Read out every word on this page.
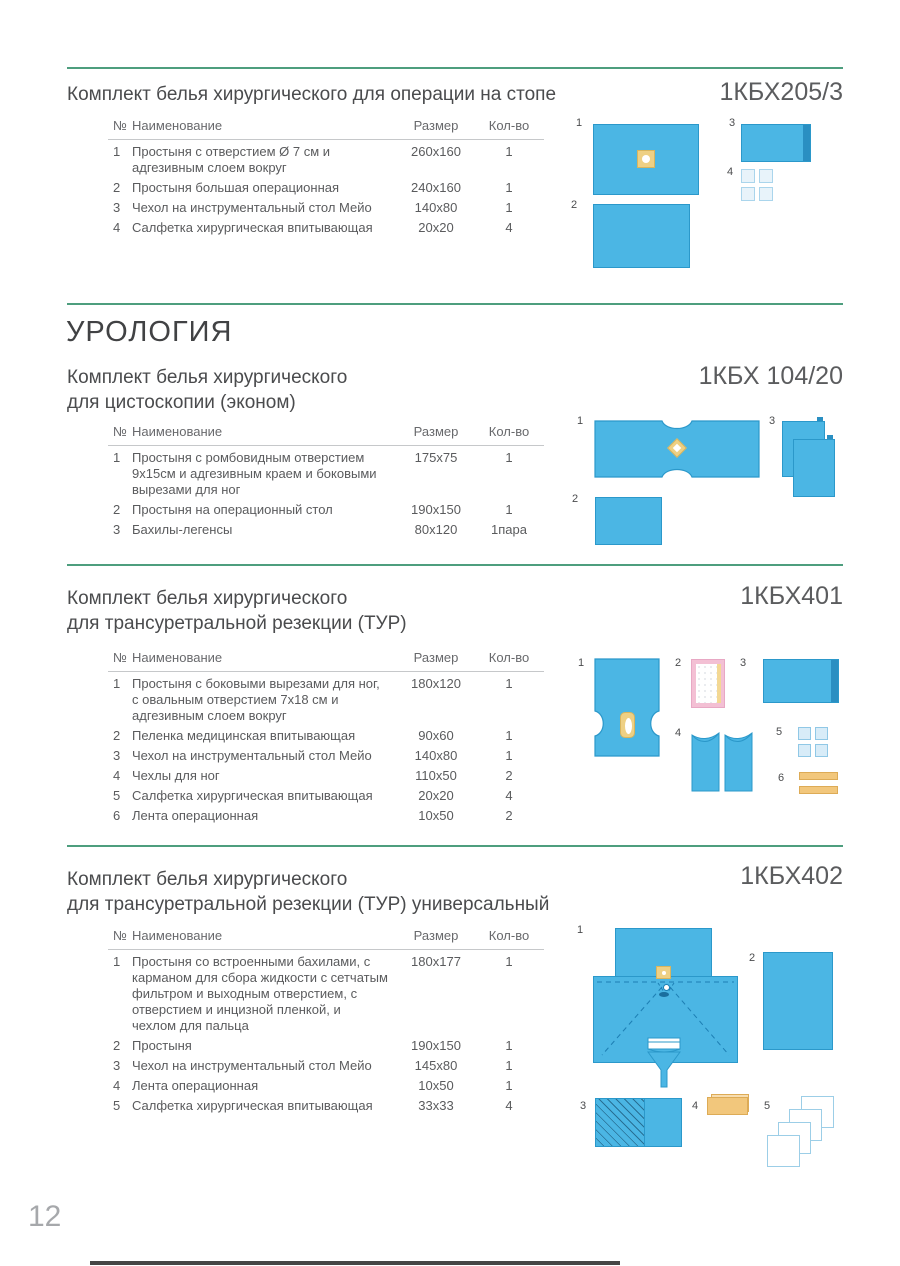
Комплект белья хирургического для операции на стопе	1КБХ205/3
№ Наименование	Размер	Кол-во
1 Простыня с отверстием Ø 7 см и адгезивным слоем вокруг
260x160	1
2 Простыня большая операционная	240x160	1
3 Чехол на инструментальный стол Мейо	140x80	1
4 Салфетка хирургическая впитывающая	20x20	4
1	3
4
2
УРОЛОГИЯ
Комплект белья хирургического
для цистоскопии (эконом)
1КБХ 104/20
№ Наименование	Размер	Кол-во
1 Простыня с ромбовидным отверстием 9x15см и адгезивным краем и боковыми вырезами для ног
175x75	1
2 Простыня на операционный стол	190x150	1
3 Бахилы-легенсы	80x120	1пара
1	3
2
Комплект белья хирургического
для трансуретральной резекции (ТУР)
1КБХ401
№ Наименование	Размер	Кол-во
1 Простыня с боковыми вырезами для ног, с овальным отверстием 7x18 см и адгезивным слоем вокруг
180x120	1
2 Пеленка медицинская впитывающая	90x60	1
3 Чехол на инструментальный стол Мейо	140x80	1
4 Чехлы для ног	110x50	2
5 Салфетка хирургическая впитывающая	20x20	4
6 Лента операционная	10x50	2
1	2	3
4	5
6
Комплект белья хирургического
для трансуретральной резекции (ТУР) универсальный
1КБХ402
№ Наименование	Размер	Кол-во
1 Простыня со встроенными бахилами, с карманом для сбора жидкости с сетчатым фильтром и выходным отверстием, с отверстием и инцизной пленкой, и чехлом для пальца
180x177	1
2 Простыня	190x150	1
3 Чехол на инструментальный стол Мейо	145x80	1
4 Лента операционная	10x50	1
5 Салфетка хирургическая впитывающая	33x33	4
1
2
3	4	5
12
